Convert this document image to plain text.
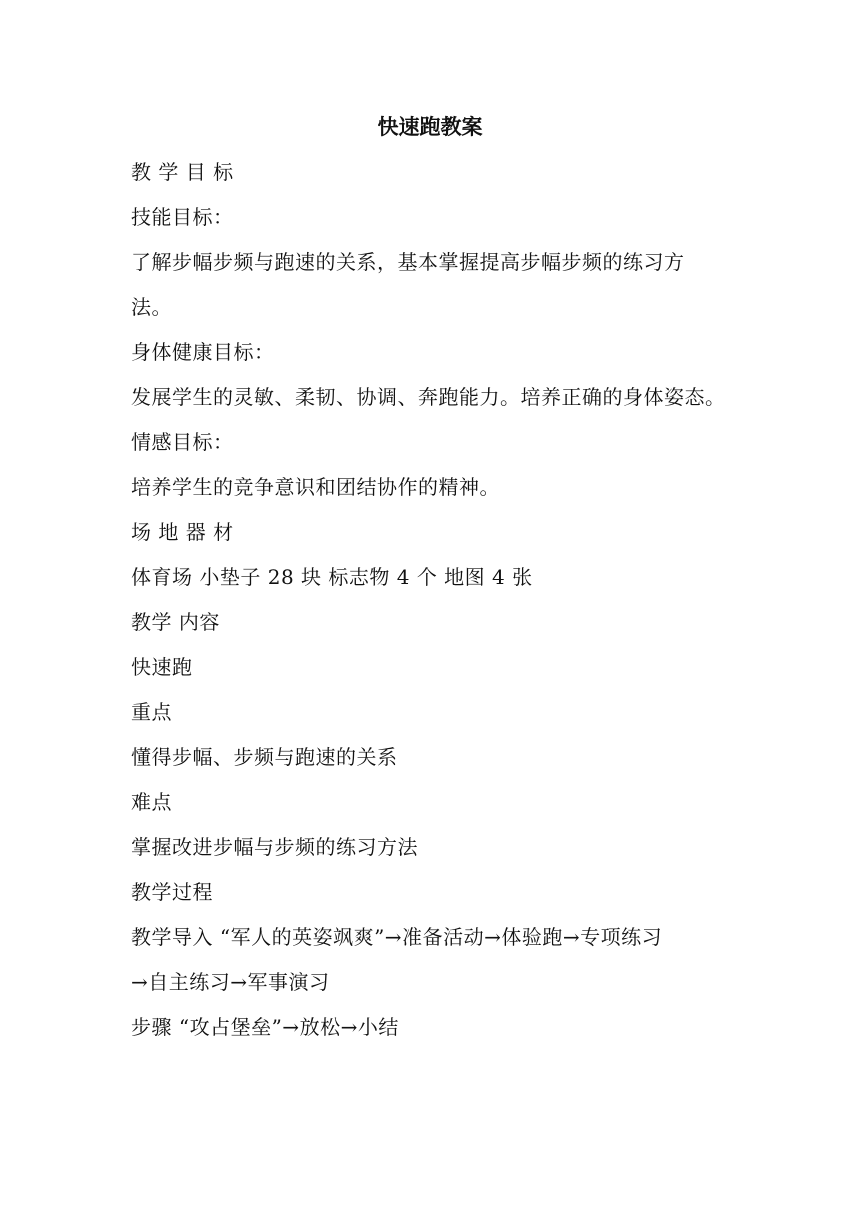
快速跑教案
教 学 目 标
技能目标：
了解步幅步频与跑速的关系，基本掌握提高步幅步频的练习方
法。
身体健康目标：
发展学生的灵敏、柔韧、协调、奔跑能力。培养正确的身体姿态。
情感目标：
培养学生的竞争意识和团结协作的精神。
场 地 器 材
体育场 小垫子 28 块 标志物 4 个 地图 4 张
教学 内容
快速跑
重点
懂得步幅、步频与跑速的关系
难点
掌握改进步幅与步频的练习方法
教学过程
教学导入 “军人的英姿飒爽”→准备活动→体验跑→专项练习
→自主练习→军事演习
步骤 “攻占堡垒”→放松→小结
